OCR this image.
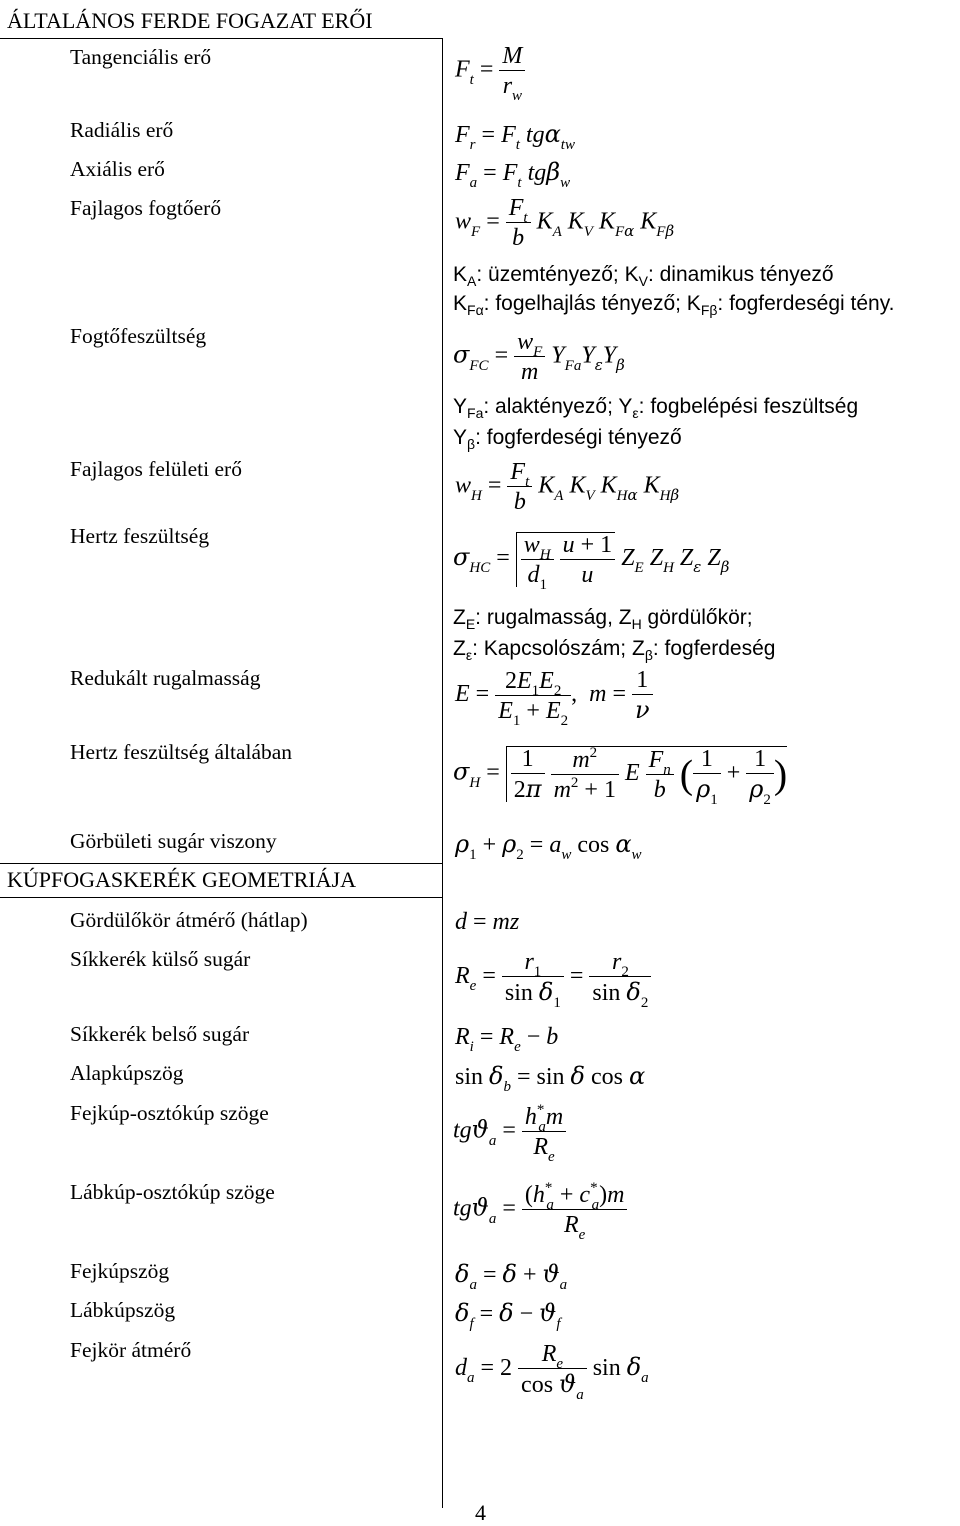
ÁLTALÁNOS FERDE FOGAZAT ERŐI
KÚPFOGASKERÉK GEOMETRIÁJA
Tangenciális erő
Radiális erő
Axiális erő
Fajlagos fogtőerő
Fogtőfeszültség
Fajlagos felületi erő
Hertz feszültség
Redukált rugalmasság
Hertz feszültség általában
Görbületi sugár viszony
Gördülőkör átmérő (hátlap)
Síkkerék külső sugár
Síkkerék belső sugár
Alapkúpszög
Fejkúp-osztókúp szöge
Lábkúp-osztókúp szöge
Fejkúpszög
Lábkúpszög
Fejkör átmérő
$F_t = \frac{M}{r_w}$
$F_r = F_t$ tgα$_{tw}$
$F_a = F_t$ tgβ$_w$
$w_F = \frac{F_t}{b} K_A$ $K_V$ $K_{F\alpha}$ $K_{F\beta}$
$K_A$: üzemtényező; $K_V$: dinamikus tényező
$K_{F\alpha}$: fogelhajlás tényező; $K_{F\beta}$: fogferdeségi tény.
$\sigma_{FC} = \frac{w_F}{m} Y_{Fa}Y_\varepsilon Y_\beta$
$Y_{Fa}$: alaktényező; $Y_\varepsilon$: fogbelépési feszültség
$Y_\beta$: fogferdeségi tényező
$w_H = \frac{F_t}{b} K_A$ $K_V$ $K_{H\alpha}$ $K_{H\beta}$
$\sigma_{HC} = \frac{w_H}{d_1}$
$\frac{u + 1}{u} Z_E$ $Z_H$ $Z_\varepsilon$ $Z_\beta$
$Z_E$: rugalmasság, $Z_H$ gördülőkör;
$Z_\varepsilon$: Kapcsolószám; $Z_\beta$: fogferdeség
$E = \frac{2E_1E_2}{E_1 + E_2}$ ,  $m = \frac{1}{\nu}$
$\sigma_H = \frac{1}{2\pi}$
$\frac{m^2}{m^2 + 1}$ E $\frac{F_n}{b}$ ( $\frac{1}{\rho_1} + \frac{1}{\rho_2}$ )
$\rho_1 + \rho_2 = a_w$ $\cos \alpha_w$
d = mz
$R_e = \frac{r_1}{\sin \delta_1} = \frac{r_2}{\sin \delta_2}$
$R_i = R_e - b$
$\sin \delta_b = \sin \delta$ cos α
$tgϑ_a = \frac{h^*_am}{R_e}$
$tgϑ_a = \frac{(h^*_a + c^*_a)m}{R_e}$
$\delta_a = \delta + ϑ_a$
$\delta_f = \delta - ϑ_f$
$d_a = 2 \frac{R_e}{\cos ϑ_a}$ $\sin \delta_a$
4
